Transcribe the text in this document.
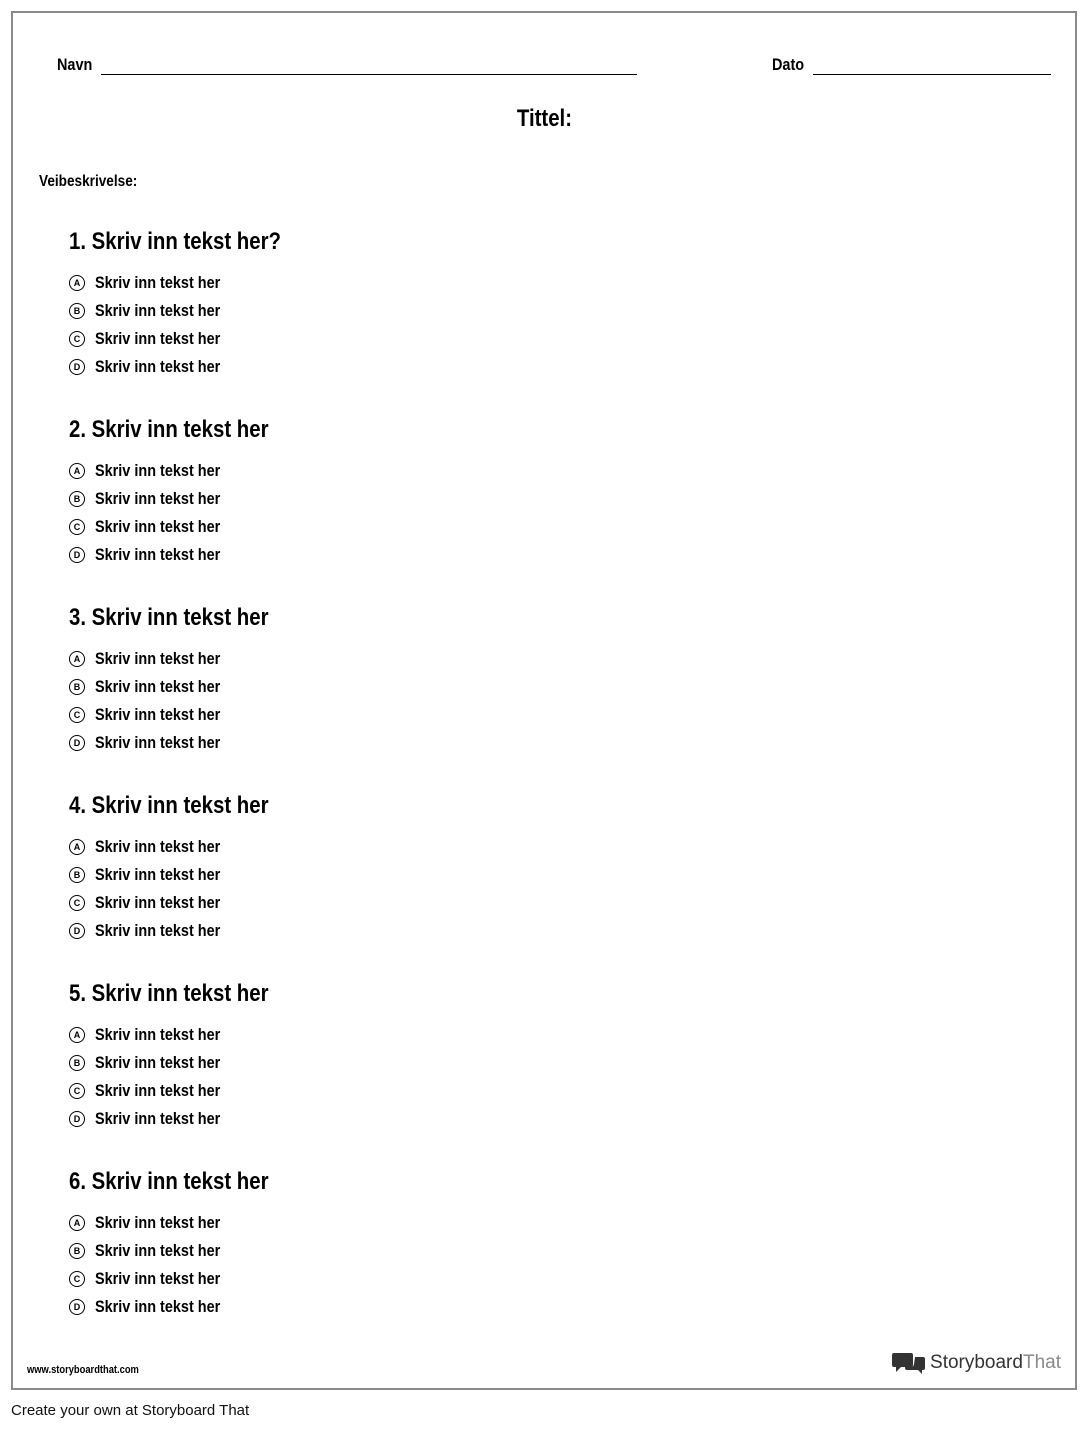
Navn	Dato
Tittel:
Veibeskrivelse:
1. Skriv inn tekst her?
A Skriv inn tekst her
B Skriv inn tekst her
C Skriv inn tekst her
D Skriv inn tekst her
2. Skriv inn tekst her
A Skriv inn tekst her
B Skriv inn tekst her
C Skriv inn tekst her
D Skriv inn tekst her
3. Skriv inn tekst her
A Skriv inn tekst her
B Skriv inn tekst her
C Skriv inn tekst her
D Skriv inn tekst her
4. Skriv inn tekst her
A Skriv inn tekst her
B Skriv inn tekst her
C Skriv inn tekst her
D Skriv inn tekst her
5. Skriv inn tekst her
A Skriv inn tekst her
B Skriv inn tekst her
C Skriv inn tekst her
D Skriv inn tekst her
6. Skriv inn tekst her
A Skriv inn tekst her
B Skriv inn tekst her
C Skriv inn tekst her
D Skriv inn tekst her
www.storyboardthat.com	StoryboardThat
Create your own at Storyboard That
